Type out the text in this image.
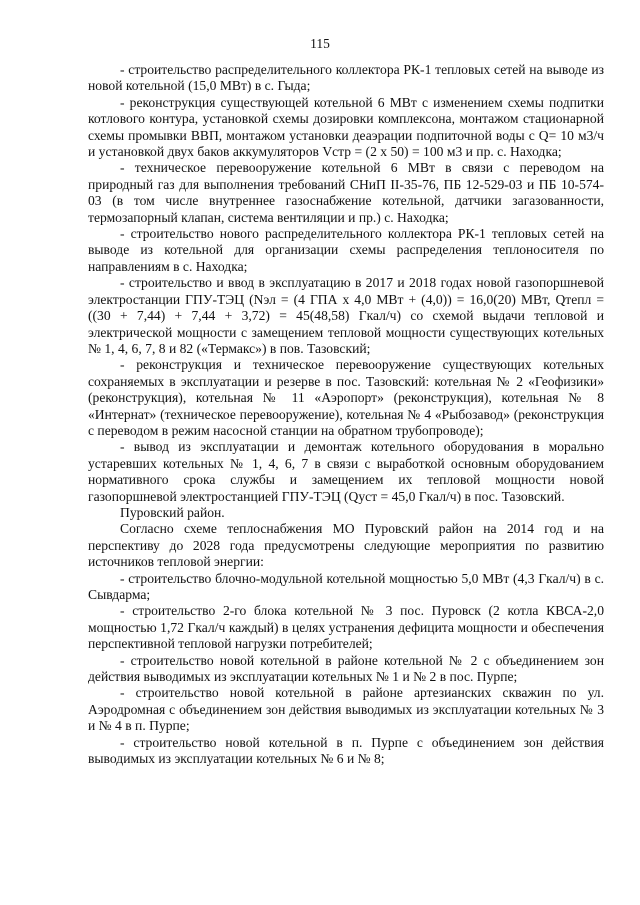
115

- строительство распределительного коллектора РК-1 тепловых сетей на выводе из новой котельной (15,0 МВт) в с. Гыда;

- реконструкция существующей котельной 6 МВт с изменением схемы подпитки котлового контура, установкой схемы дозировки комплексона, монтажом стационарной схемы промывки ВВП, монтажом установки деаэрации подпиточной воды с Q= 10 м3/ч и установкой двух баков аккумуляторов Vстр = (2 х 50) = 100 м3 и пр. с. Находка;

- техническое перевооружение котельной 6 МВт в связи с переводом на природный газ для выполнения требований СНиП II-35-76, ПБ 12-529-03 и ПБ 10-574-03 (в том числе внутреннее газоснабжение котельной, датчики загазованности, термозапорный клапан, система вентиляции и пр.) с. Находка;

- строительство нового распределительного коллектора РК-1 тепловых сетей на выводе из котельной для организации схемы распределения теплоносителя по направлениям в с. Находка;

- строительство и ввод в эксплуатацию в 2017 и 2018 годах новой газопоршневой электростанции ГПУ-ТЭЦ (Nэл = (4 ГПА х 4,0 МВт + (4,0)) = 16,0(20) МВт, Qтепл = ((30 + 7,44) + 7,44 + 3,72) = 45(48,58) Гкал/ч) со схемой выдачи тепловой и электрической мощности с замещением тепловой мощности существующих котельных № 1, 4, 6, 7, 8 и 82 («Термакс») в пов. Тазовский;

- реконструкция и техническое перевооружение существующих котельных сохраняемых в эксплуатации и резерве в пос. Тазовский: котельная № 2 «Геофизики» (реконструкция), котельная № 11 «Аэропорт» (реконструкция), котельная № 8 «Интернат» (техническое перевооружение), котельная № 4 «Рыбозавод» (реконструкция с переводом в режим насосной станции на обратном трубопроводе);

- вывод из эксплуатации и демонтаж котельного оборудования в морально устаревших котельных № 1, 4, 6, 7 в связи с выработкой основным оборудованием нормативного срока службы и замещением их тепловой мощности новой газопоршневой электростанцией ГПУ-ТЭЦ (Qуст = 45,0 Гкал/ч) в пос. Тазовский.

Пуровский район.

Согласно схеме теплоснабжения МО Пуровский район на 2014 год и на перспективу до 2028 года предусмотрены следующие мероприятия по развитию источников тепловой энергии:

- строительство блочно-модульной котельной мощностью 5,0 МВт (4,3 Гкал/ч) в с. Сывдарма;

- строительство 2-го блока котельной № 3 пос. Пуровск (2 котла КВСА-2,0 мощностью 1,72 Гкал/ч каждый) в целях устранения дефицита мощности и обеспечения перспективной тепловой нагрузки потребителей;

- строительство новой котельной в районе котельной № 2 с объединением зон действия выводимых из эксплуатации котельных № 1 и № 2 в пос. Пурпе;

- строительство новой котельной в районе артезианских скважин по ул. Аэродромная с объединением зон действия выводимых из эксплуатации котельных № 3 и № 4 в п. Пурпе;

- строительство новой котельной в п. Пурпе с объединением зон действия выводимых из эксплуатации котельных № 6 и № 8;
